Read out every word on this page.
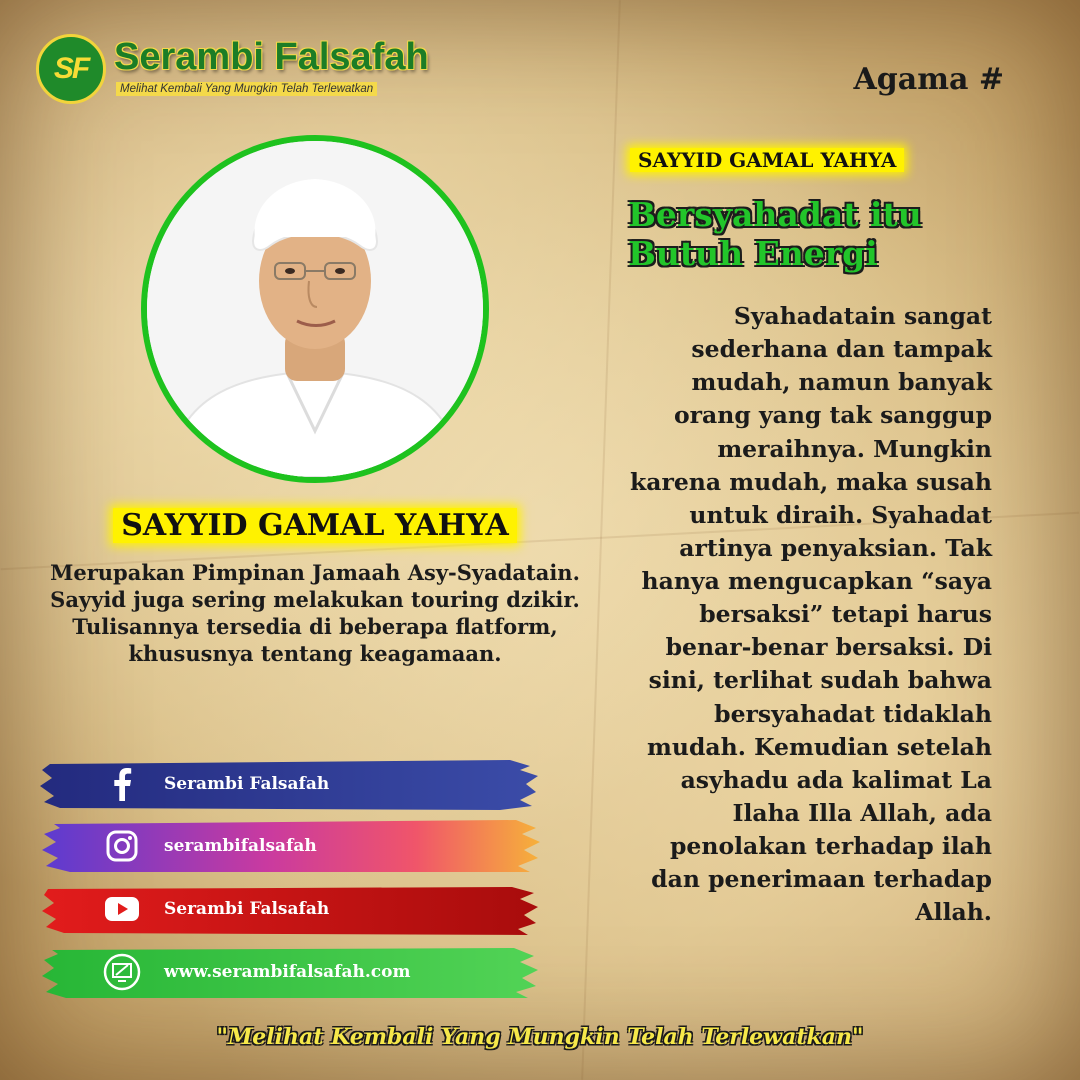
SF Serambi Falsafah
Melihat Kembali Yang Mungkin Telah Terlewatkan	Agama #
SAYYID GAMAL YAHYA
Merupakan Pimpinan Jamaah Asy-Syadatain. Sayyid juga sering melakukan touring dzikir. Tulisannya tersedia di beberapa flatform, khususnya tentang keagamaan.
SAYYID GAMAL YAHYA
Bersyahadat itu
Butuh Energi
Syahadatain sangat sederhana dan tampak mudah, namun banyak orang yang tak sanggup meraihnya. Mungkin karena mudah, maka susah untuk diraih. Syahadat artinya penyaksian. Tak hanya mengucapkan “saya bersaksi” tetapi harus benar-benar bersaksi. Di sini, terlihat sudah bahwa bersyahadat tidaklah mudah. Kemudian setelah asyhadu ada kalimat La Ilaha Illa Allah, ada penolakan terhadap ilah dan penerimaan terhadap Allah.
Serambi Falsafah
serambifalsafah
Serambi Falsafah
www.serambifalsafah.com
"Melihat Kembali Yang Mungkin Telah Terlewatkan"
